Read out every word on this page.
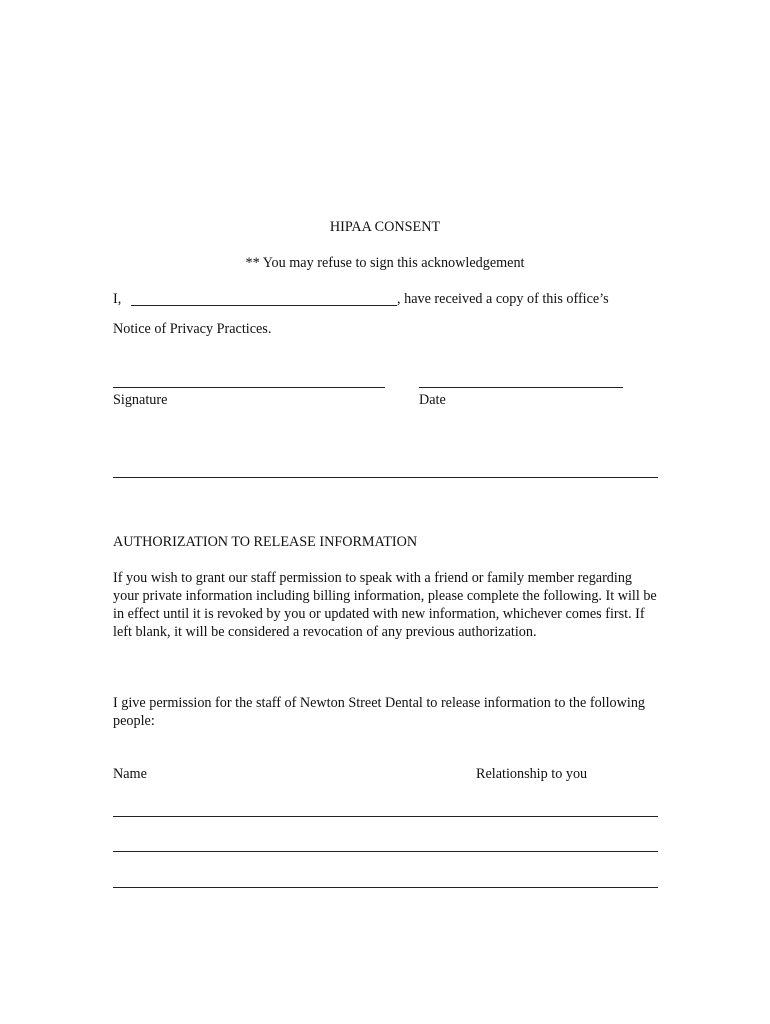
HIPAA CONSENT
** You may refuse to sign this acknowledgement
I,	, have received a copy of this office’s
Notice of Privacy Practices.
Signature	Date
AUTHORIZATION TO RELEASE INFORMATION
If you wish to grant our staff permission to speak with a friend or family member regarding your private information including billing information, please complete the following. It will be in effect until it is revoked by you or updated with new information, whichever comes first. If left blank, it will be considered a revocation of any previous authorization.
I give permission for the staff of Newton Street Dental to release information to the following people:
Name	Relationship to you
